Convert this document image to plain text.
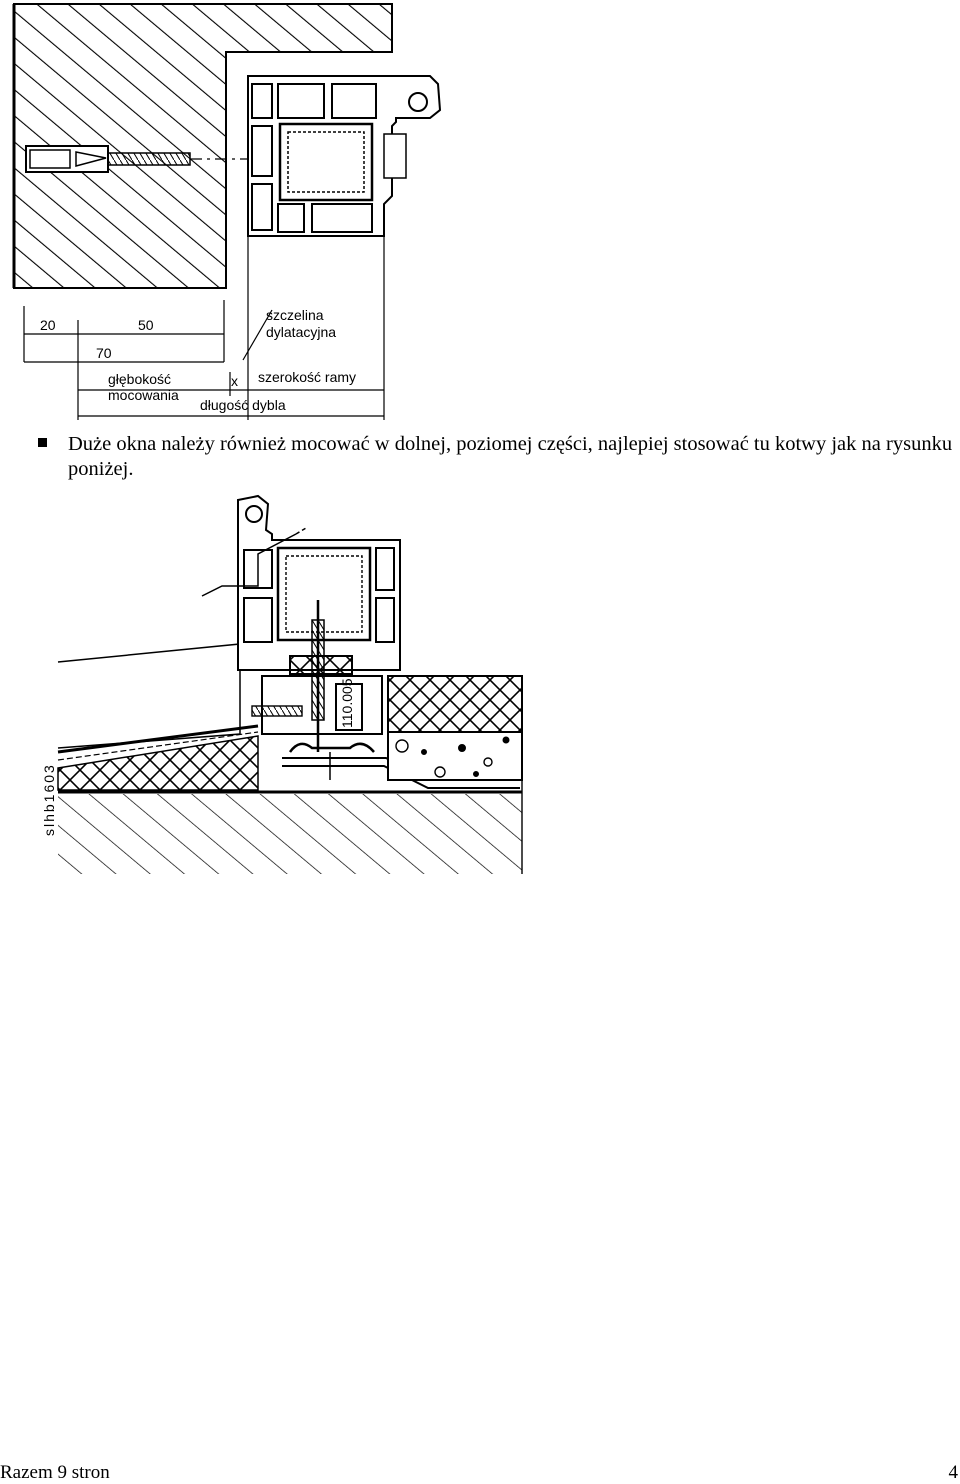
20	50
70
szczelina
dylatacyjna
głębokość
mocowania
x szerokość ramy
długość dybla
Duże okna należy również mocować w dolnej, poziomej części, najlepiej stosować tu kotwy jak na rysunku poniżej.
110.005
slhb1603
Razem 9 stron	4
